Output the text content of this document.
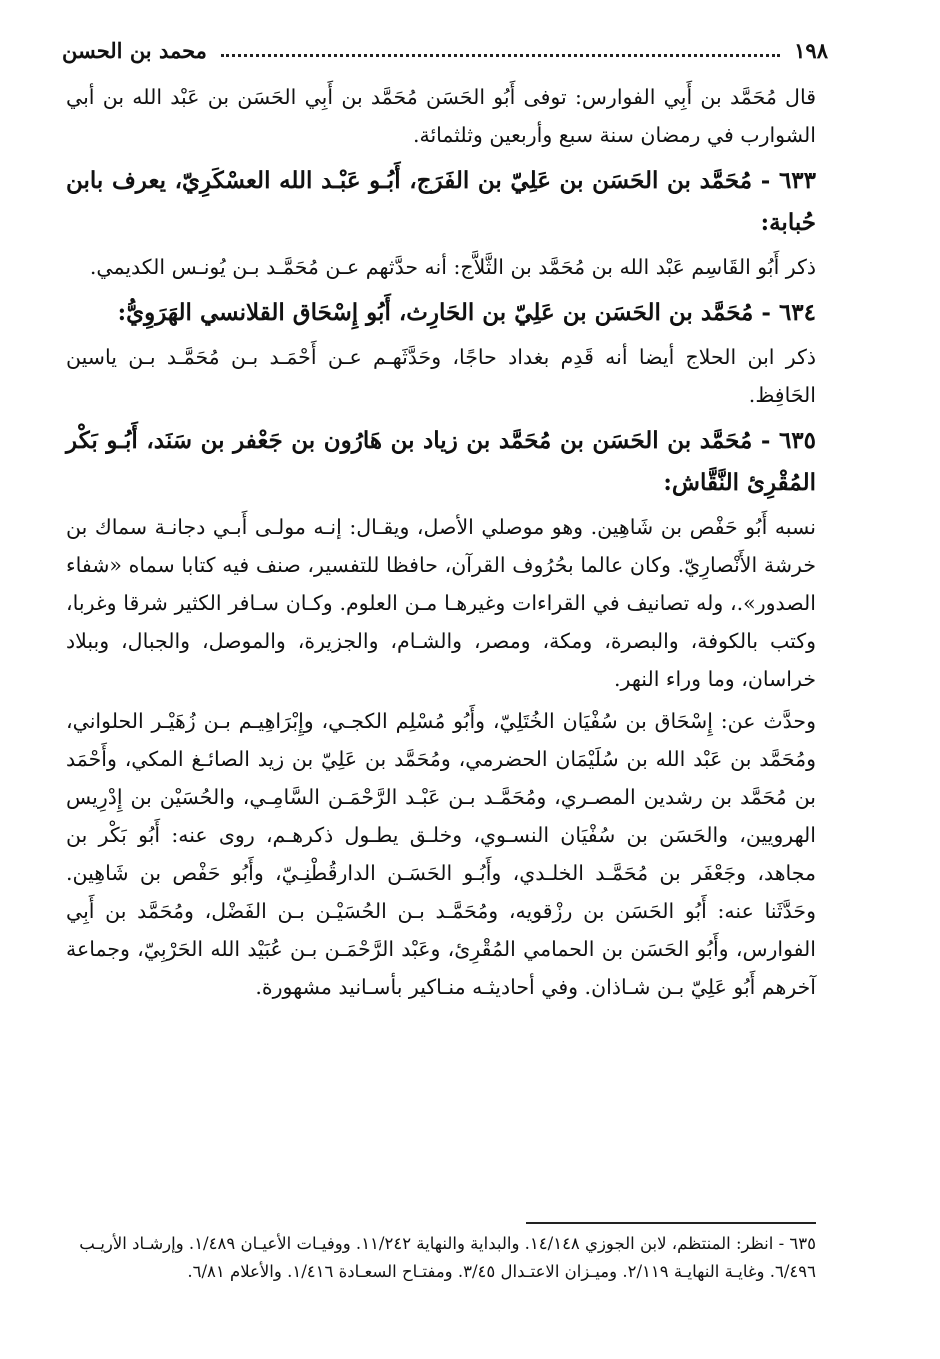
١٩٨
محمد بن الحسن

قال مُحَمَّد بن أَبِي الفوارس: توفى أَبُو الحَسَن مُحَمَّد بن أَبِي الحَسَن بن عَبْد الله بن أبي الشوارب في رمضان سنة سبع وأربعين وثلثمائة.

٦٣٣ - مُحَمَّد بن الحَسَن بن عَلِيّ بن الفَرَج، أَبُـو عَبْـد الله العسْكَرِيّ، يعرف بابن حُبابة:

ذكر أَبُو القَاسِم عَبْد الله بن مُحَمَّد بن الثَّلاَّج: أنه حدَّثهم عـن مُحَمَّـد بـن يُونـس الكديمي.

٦٣٤ - مُحَمَّد بن الحَسَن بن عَلِيّ بن الحَارِث، أَبُو إِسْحَاق القلانسي الهَرَوِيُّ:

ذكر ابن الحلاج أيضا أنه قَدِم بغداد حاجًا، وحَدَّثَهـم عـن أَحْمَـد بـن مُحَمَّـد بـن ياسين الحَافِظ.

٦٣٥ - مُحَمَّد بن الحَسَن بن مُحَمَّد بن زياد بن هَارُون بن جَعْفر بن سَنَد، أَبُـو بَكْر المُقْرِئ النَّقَّاش:

نسبه أَبُو حَفْص بن شَاهِين. وهو موصلي الأصل، ويقـال: إنـه مولـى أَبـي دجانـة سماك بن خرشة الأَنْصارِيّ. وكان عالما بحُرُوف القرآن، حافظا للتفسير، صنف فيه كتابا سماه «شفاء الصدور».، وله تصانيف في القراءات وغيرهـا مـن العلوم. وكـان سـافر الكثير شرقا وغربا، وكتب بالكوفة، والبصرة، ومكة، ومصر، والشـام، والجزيرة، والموصل، والجبال، وببلاد خراسان، وما وراء النهر.

وحدَّث عن: إِسْحَاق بن سُفْيَان الخُتَلِيّ، وأَبُو مُسْلِم الكجـي، وإِبْرَاهِيـم بـن زُهَيْـر الحلواني، ومُحَمَّد بن عَبْد الله بن سُلَيْمَان الحضرمي، ومُحَمَّد بن عَلِيّ بن زيد الصائـغ المكي، وأَحْمَد بن مُحَمَّد بن رشدين المصـري، ومُحَمَّـد بـن عَبْـد الرَّحْمَـن السَّامِـي، والحُسَيْن بن إِدْرِيس الهرويين، والحَسَن بن سُفْيَان النسـوي، وخلـق يطـول ذكرهـم، روى عنه: أَبُو بَكْر بن مجاهد، وجَعْفَر بن مُحَمَّـد الخلـدي، وأَبُـو الحَسَـن الدارقُطْنِـيّ، وأَبُو حَفْص بن شَاهِين. وحَدَّثَنا عنه: أَبُو الحَسَن بن رزْقويه، ومُحَمَّـد بـن الحُسَيْـن بـن الفَضْل، ومُحَمَّد بن أَبِي الفوارس، وأَبُو الحَسَن بن الحمامي المُقْرِئ، وعَبْد الرَّحْمَـن بـن عُبَيْد الله الحَرْبِيّ، وجماعة آخرهم أَبُو عَلِيّ بـن شـاذان. وفي أحاديثـه منـاكير بأسـانيد مشهورة.

٦٣٥ - انظر: المنتظم، لابن الجوزي ١٤/١٤٨. والبداية والنهاية ١١/٢٤٢. ووفيـات الأعيـان ١/٤٨٩. وإرشـاد الأريـب ٦/٤٩٦. وغايـة النهايـة ٢/١١٩. وميـزان الاعتـدال ٣/٤٥. ومفتـاح السعـادة ١/٤١٦. والأعلام ٦/٨١.
